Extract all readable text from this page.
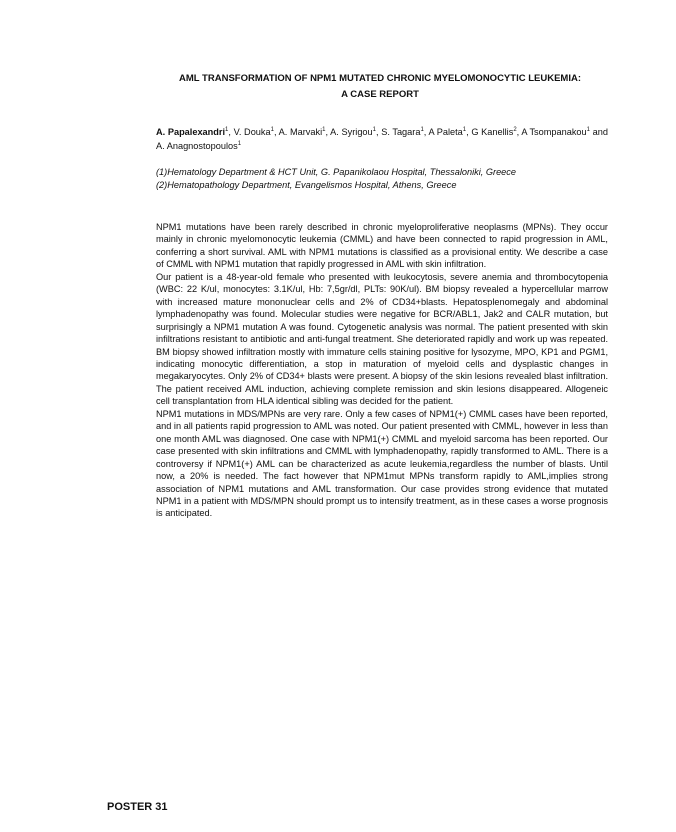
AML TRANSFORMATION OF NPM1 MUTATED CHRONIC MYELOMONOCYTIC LEUKEMIA:
A CASE REPORT
A. Papalexandri$^1$, V. Douka$^1$, A. Marvaki$^1$, A. Syrigou$^1$, S. Tagara$^1$, A Paleta$^1$, G Kanellis$^2$, A Tsompanakou$^1$ and A. Anagnostopoulos$^1$
(1)Hematology Department & HCT Unit, G. Papanikolaou Hospital, Thessaloniki, Greece
(2)Hematopathology Department, Evangelismos Hospital, Athens, Greece

NPM1 mutations have been rarely described in chronic myeloproliferative neoplasms (MPNs). They occur mainly in chronic myelomonocytic leukemia (CMML) and have been connected to rapid progression in AML, conferring a short survival. AML with NPM1 mutations is classified as a provisional entity. We describe a case of CMML with NPM1 mutation that rapidly progressed in AML with skin infiltration.

Our patient is a 48-year-old female who presented with leukocytosis, severe anemia and thrombocytopenia (WBC: 22 K/ul, monocytes: 3.1K/ul, Hb: 7,5gr/dl, PLTs: 90K/ul). BM biopsy revealed a hypercellular marrow with increased mature mononuclear cells and 2% of CD34+blasts. Hepatosplenomegaly and abdominal lymphadenopathy was found. Molecular studies were negative for BCR/ABL1, Jak2 and CALR mutation, but surprisingly a NPM1 mutation A was found. Cytogenetic analysis was normal. The patient presented with skin infiltrations resistant to antibiotic and anti-fungal treatment. She deteriorated rapidly and work up was repeated. BM biopsy showed infiltration mostly with immature cells staining positive for lysozyme, MPO, KP1 and PGM1, indicating monocytic differentiation, a stop in maturation of myeloid cells and dysplastic changes in megakaryocytes. Only 2% of CD34+ blasts were present. A biopsy of the skin lesions revealed blast infiltration. The patient received AML induction, achieving complete remission and skin lesions disappeared. Allogeneic cell transplantation from HLA identical sibling was decided for the patient.

NPM1 mutations in MDS/MPNs are very rare. Only a few cases of NPM1(+) CMML cases have been reported, and in all patients rapid progression to AML was noted. Our patient presented with CMML, however in less than one month AML was diagnosed. One case with NPM1(+) CMML and myeloid sarcoma has been reported. Our case presented with skin infiltrations and CMML with lymphadenopathy, rapidly transformed to AML. There is a controversy if NPM1(+) AML can be characterized as acute leukemia,regardless the number of blasts. Until now, a 20% is needed. The fact however that NPM1mut MPNs transform rapidly to AML,implies strong association of NPM1 mutations and AML transformation. Our case provides strong evidence that mutated NPM1 in a patient with MDS/MPN should prompt us to intensify treatment, as in these cases a worse prognosis is anticipated.

POSTER 31
